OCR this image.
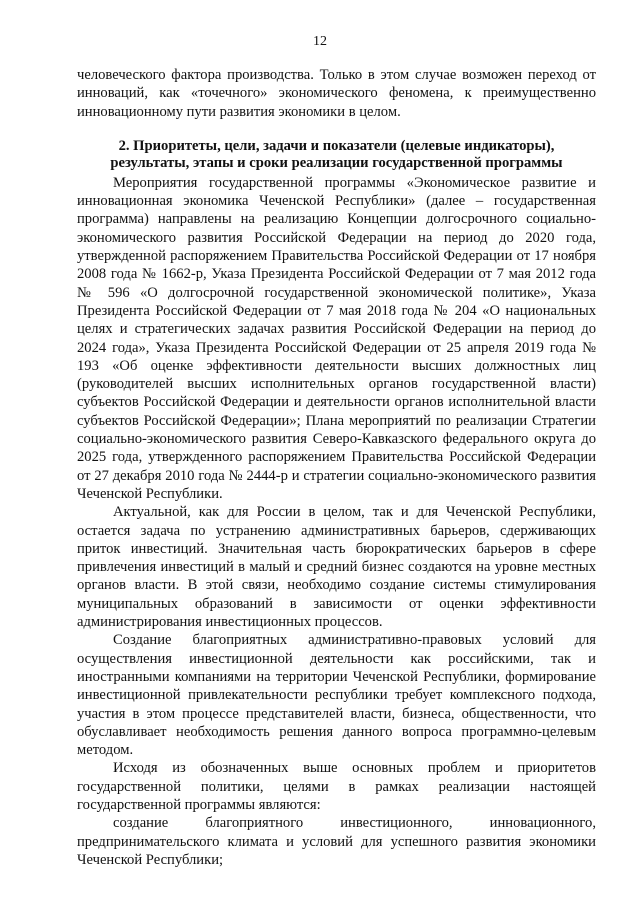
12

человеческого фактора производства. Только в этом случае возможен переход от инноваций, как «точечного» экономического феномена, к преимущественно инновационному пути развития экономики в целом.

2. Приоритеты, цели, задачи и показатели (целевые индикаторы),
результаты, этапы и сроки реализации государственной программы

Мероприятия государственной программы «Экономическое развитие и инновационная экономика Чеченской Республики» (далее – государственная программа) направлены на реализацию Концепции долгосрочного социально-экономического развития Российской Федерации на период до 2020 года, утвержденной распоряжением Правительства Российской Федерации от 17 ноября 2008 года № 1662-р, Указа Президента Российской Федерации от 7 мая 2012 года № 596 «О долгосрочной государственной экономической политике», Указа Президента Российской Федерации от 7 мая 2018 года № 204 «О национальных целях и стратегических задачах развития Российской Федерации на период до 2024 года», Указа Президента Российской Федерации от 25 апреля 2019 года № 193 «Об оценке эффективности деятельности высших должностных лиц (руководителей высших исполнительных органов государственной власти) субъектов Российской Федерации и деятельности органов исполнительной власти субъектов Российской Федерации»; Плана мероприятий по реализации Стратегии социально-экономического развития Северо-Кавказского федерального округа до 2025 года, утвержденного распоряжением Правительства Российской Федерации от 27 декабря 2010 года № 2444-р и стратегии социально-экономического развития Чеченской Республики.

Актуальной, как для России в целом, так и для Чеченской Республики, остается задача по устранению административных барьеров, сдерживающих приток инвестиций. Значительная часть бюрократических барьеров в сфере привлечения инвестиций в малый и средний бизнес создаются на уровне местных органов власти. В этой связи, необходимо создание системы стимулирования муниципальных образований в зависимости от оценки эффективности администрирования инвестиционных процессов.

Создание благоприятных административно-правовых условий для осуществления инвестиционной деятельности как российскими, так и иностранными компаниями на территории Чеченской Республики, формирование инвестиционной привлекательности республики требует комплексного подхода, участия в этом процессе представителей власти, бизнеса, общественности, что обуславливает необходимость решения данного вопроса программно-целевым методом.

Исходя из обозначенных выше основных проблем и приоритетов государственной политики, целями в рамках реализации настоящей государственной программы являются:

создание благоприятного инвестиционного, инновационного, предпринимательского климата и условий для успешного развития экономики Чеченской Республики;
